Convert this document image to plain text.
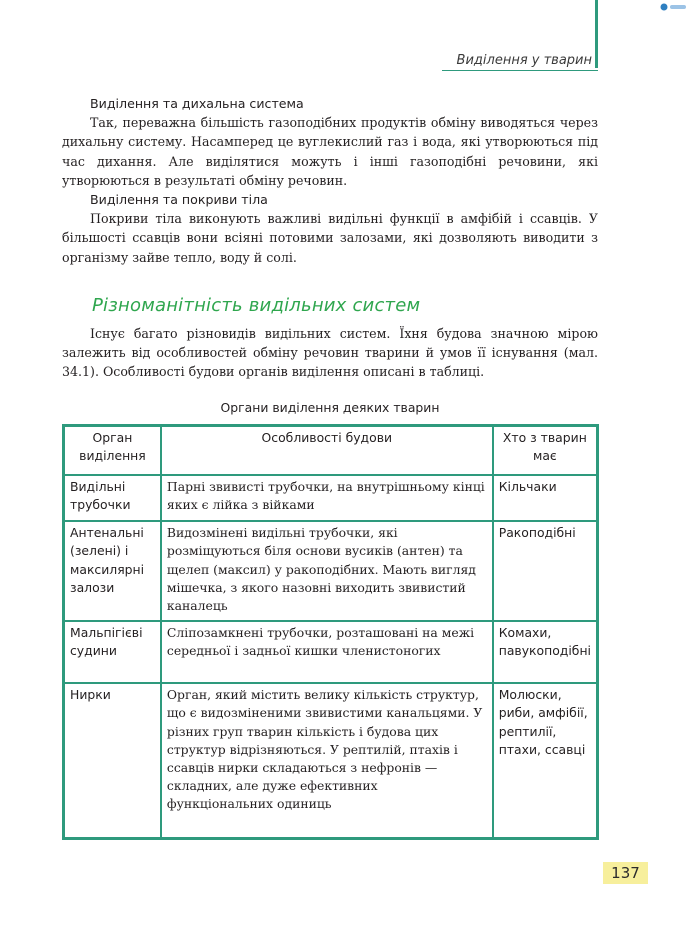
Виділення у тварин

Виділення та дихальна система

Так, переважна більшість газоподібних продуктів обміну виводяться через дихальну систему. Насамперед це вуглекислий газ і вода, які утворюються під час дихання. Але виділятися можуть і інші газоподібні речовини, які утворюються в результаті обміну речовин.

Виділення та покриви тіла

Покриви тіла виконують важливі видільні функції в амфібій і ссавців. У більшості ссавців вони всіяні потовими залозами, які дозволяють виводити з організму зайве тепло, воду й солі.

Різноманітність видільних систем

Існує багато різновидів видільних систем. Їхня будова значною мірою залежить від особливостей обміну речовин тварини й умов її існування (мал. 34.1). Особливості будови органів виділення описані в таблиці.

Органи виділення деяких тварин
Орган виділення	Особливості будови	Хто з тварин має
Видільні трубочки	Парні звивисті трубочки, на внутрішньому кінці яких є лійка з війками	Кільчаки
Антенальні (зелені) і максилярні залози	Видозмінені видільні трубочки, які розміщуються біля основи вусиків (антен) та щелеп (максил) у ракоподібних. Мають вигляд мішечка, з якого назовні виходить звивистий каналець	Ракоподібні
Мальпігієві судини	Сліпозамкнені трубочки, розташовані на межі середньої і задньої кишки членистоногих	Комахи, павукоподібні
Нирки	Орган, який містить велику кількість структур, що є видозміненими звивистими канальцями. У різних груп тварин кількість і будова цих структур відрізняються. У рептилій, птахів і ссавців нирки складаються з нефронів — складних, але дуже ефективних функціональних одиниць	Молюски, риби, амфібії, рептилії, птахи, ссавці
137
